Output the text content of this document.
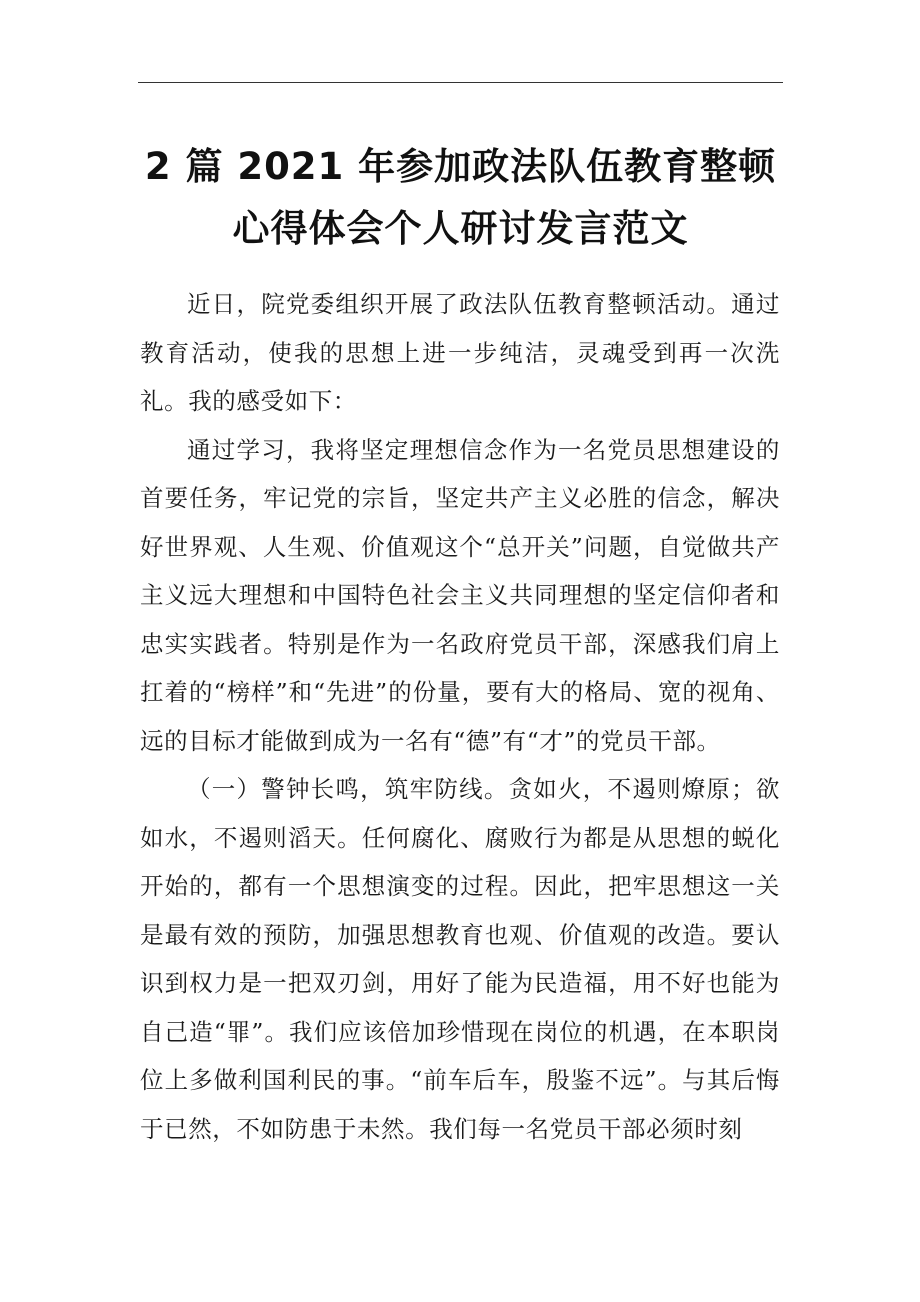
2 篇 2021 年参加政法队伍教育整顿
心得体会个人研讨发言范文

近日，院党委组织开展了政法队伍教育整顿活动。通过教育活动，使我的思想上进一步纯洁，灵魂受到再一次洗礼。我的感受如下：

通过学习，我将坚定理想信念作为一名党员思想建设的首要任务，牢记党的宗旨，坚定共产主义必胜的信念，解决好世界观、人生观、价值观这个“总开关”问题，自觉做共产主义远大理想和中国特色社会主义共同理想的坚定信仰者和忠实实践者。特别是作为一名政府党员干部，深感我们肩上扛着的“榜样”和“先进”的份量，要有大的格局、宽的视角、远的目标才能做到成为一名有“德”有“才”的党员干部。

（一）警钟长鸣，筑牢防线。贪如火，不遏则燎原；欲如水，不遏则滔天。任何腐化、腐败行为都是从思想的蜕化开始的，都有一个思想演变的过程。因此，把牢思想这一关是最有效的预防，加强思想教育也观、价值观的改造。要认识到权力是一把双刃剑，用好了能为民造福，用不好也能为自己造“罪”。我们应该倍加珍惜现在岗位的机遇，在本职岗位上多做利国利民的事。“前车后车，殷鉴不远”。与其后悔于已然，不如防患于未然。我们每一名党员干部必须时刻
